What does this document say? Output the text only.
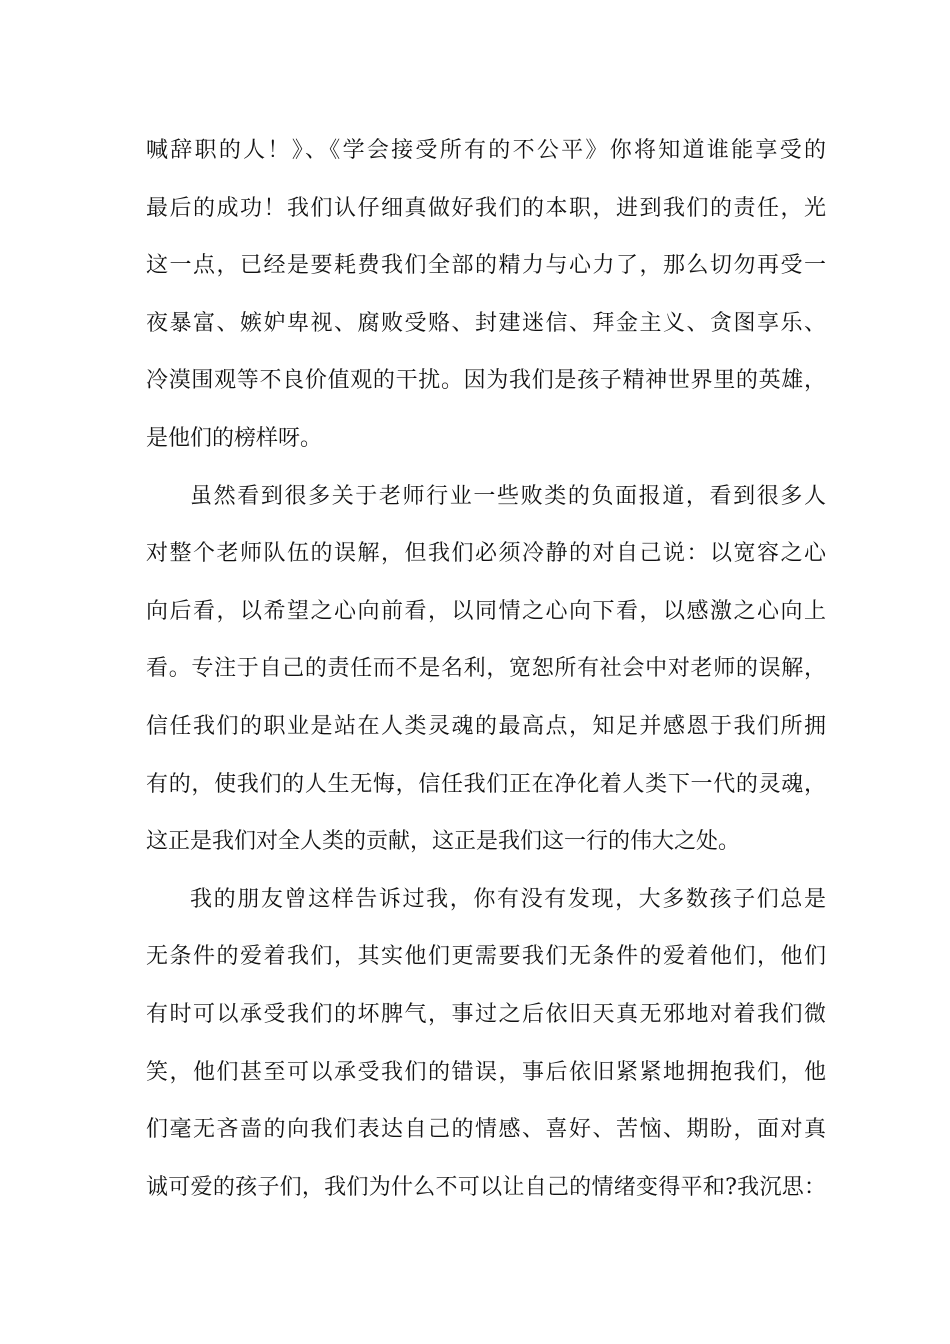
喊辞职的人！》、《学会接受所有的不公平》你将知道谁能享受的
最后的成功！我们认仔细真做好我们的本职，进到我们的责任，光
这一点，已经是要耗费我们全部的精力与心力了，那么切勿再受一
夜暴富、嫉妒卑视、腐败受赂、封建迷信、拜金主义、贪图享乐、
冷漠围观等不良价值观的干扰。因为我们是孩子精神世界里的英雄，
是他们的榜样呀。
虽然看到很多关于老师行业一些败类的负面报道，看到很多人
对整个老师队伍的误解，但我们必须冷静的对自己说：以宽容之心
向后看，以希望之心向前看，以同情之心向下看，以感激之心向上
看。专注于自己的责任而不是名利，宽恕所有社会中对老师的误解，
信任我们的职业是站在人类灵魂的最高点，知足并感恩于我们所拥
有的，使我们的人生无悔，信任我们正在净化着人类下一代的灵魂，
这正是我们对全人类的贡献，这正是我们这一行的伟大之处。
我的朋友曾这样告诉过我，你有没有发现，大多数孩子们总是
无条件的爱着我们，其实他们更需要我们无条件的爱着他们，他们
有时可以承受我们的坏脾气，事过之后依旧天真无邪地对着我们微
笑，他们甚至可以承受我们的错误，事后依旧紧紧地拥抱我们，他
们毫无吝啬的向我们表达自己的情感、喜好、苦恼、期盼，面对真
诚可爱的孩子们，我们为什么不可以让自己的情绪变得平和?我沉思：
